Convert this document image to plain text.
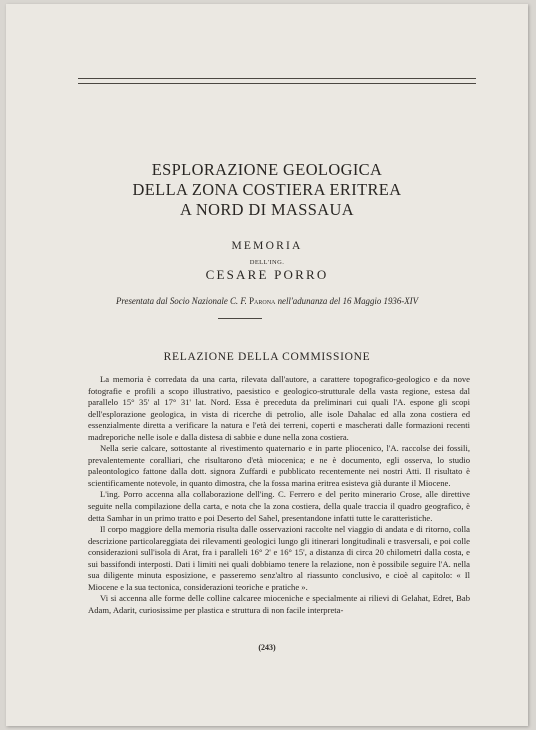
ESPLORAZIONE GEOLOGICA
DELLA ZONA COSTIERA ERITREA
A NORD DI MASSAUA
MEMORIA
DELL'ING.
CESARE PORRO
Presentata dal Socio Nazionale C. F. Parona nell'adunanza del 16 Maggio 1936-XIV
RELAZIONE DELLA COMMISSIONE

La memoria è corredata da una carta, rilevata dall'autore, a carattere topografico-geologico e da nove fotografie e profili a scopo illustrativo, paesistico e geologico-strutturale della vasta regione, estesa dal parallelo 15° 35' al 17° 31' lat. Nord. Essa è preceduta da preliminari cui quali l'A. espone gli scopi dell'esplorazione geologica, in vista di ricerche di petrolio, alle isole Dahalac ed alla zona costiera ed essenzialmente diretta a verificare la natura e l'età dei terreni, coperti e mascherati dalle formazioni recenti madreporiche nelle isole e dalla distesa di sabbie e dune nella zona costiera.

Nella serie calcare, sottostante al rivestimento quaternario e in parte pliocenico, l'A. raccolse dei fossili, prevalentemente coralliari, che risultarono d'età miocenica; e ne è documento, egli osserva, lo studio paleontologico fattone dalla dott. signora Zuffardi e pubblicato recentemente nei nostri Atti. Il risultato è scientificamente notevole, in quanto dimostra, che la fossa marina eritrea esisteva già durante il Miocene.

L'ing. Porro accenna alla collaborazione dell'ing. C. Ferrero e del perito minerario Crose, alle direttive seguite nella compilazione della carta, e nota che la zona costiera, della quale traccia il quadro geografico, è detta Samhar in un primo tratto e poi Deserto del Sahel, presentandone infatti tutte le caratteristiche.

Il corpo maggiore della memoria risulta dalle osservazioni raccolte nel viaggio di andata e di ritorno, colla descrizione particolareggiata dei rilevamenti geologici lungo gli itinerari longitudinali e trasversali, e poi colle considerazioni sull'isola di Arat, fra i paralleli 16° 2' e 16° 15', a distanza di circa 20 chilometri dalla costa, e sui bassifondi interposti. Dati i limiti nei quali dobbiamo tenere la relazione, non è possibile seguire l'A. nella sua diligente minuta esposizione, e passeremo senz'altro al riassunto conclusivo, e cioè al capitolo: « Il Miocene e la sua tectonica, considerazioni teoriche e pratiche ».

Vi si accenna alle forme delle colline calcaree mioceniche e specialmente ai rilievi di Gelahat, Edret, Bab Adam, Adarit, curiosissime per plastica e struttura di non facile interpreta-

(243)
